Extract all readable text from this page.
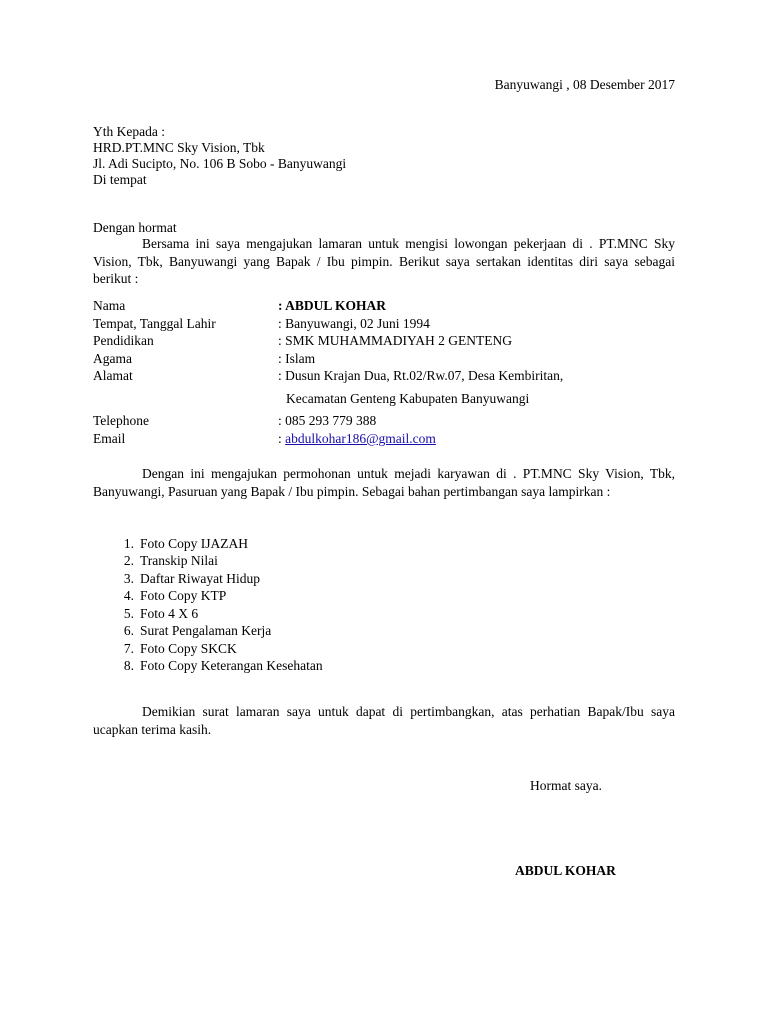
Banyuwangi , 08 Desember 2017
Yth Kepada :
HRD.PT.MNC Sky Vision, Tbk
Jl. Adi Sucipto, No. 106 B Sobo - Banyuwangi
Di tempat
Dengan hormat
Bersama ini saya mengajukan lamaran untuk mengisi lowongan pekerjaan di . PT.MNC Sky Vision, Tbk, Banyuwangi yang Bapak / Ibu pimpin. Berikut saya sertakan identitas diri saya sebagai berikut :
Nama	: ABDUL KOHAR
Tempat, Tanggal Lahir	: Banyuwangi, 02 Juni 1994
Pendidikan	: SMK MUHAMMADIYAH 2 GENTENG
Agama	: Islam
Alamat	: Dusun Krajan Dua, Rt.02/Rw.07, Desa Kembiritan,
Kecamatan Genteng Kabupaten Banyuwangi
Telephone	: 085 293 779 388
Email	: abdulkohar186@gmail.com
Dengan ini mengajukan permohonan untuk mejadi karyawan di . PT.MNC Sky Vision, Tbk, Banyuwangi, Pasuruan yang Bapak / Ibu pimpin. Sebagai bahan pertimbangan saya lampirkan :
1. Foto Copy IJAZAH
2. Transkip Nilai
3. Daftar Riwayat Hidup
4. Foto Copy KTP
5. Foto 4 X 6
6. Surat Pengalaman Kerja
7. Foto Copy SKCK
8. Foto Copy Keterangan Kesehatan
Demikian surat lamaran saya untuk dapat di pertimbangkan, atas perhatian Bapak/Ibu saya ucapkan terima kasih.
Hormat saya.
ABDUL KOHAR
